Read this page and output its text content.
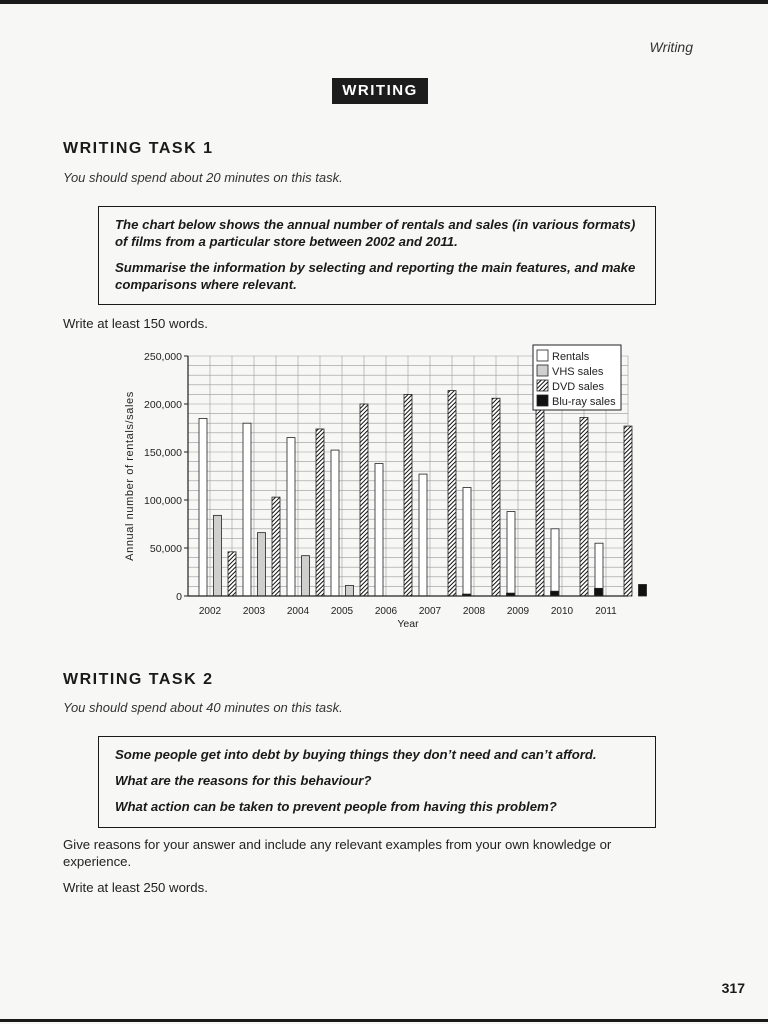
Writing
WRITING
WRITING TASK 1
You should spend about 20 minutes on this task.

The chart below shows the annual number of rentals and sales (in various formats) of films from a particular store between 2002 and 2011.

Summarise the information by selecting and reporting the main features, and make comparisons where relevant.

Write at least 150 words.
0
50,000
100,000
150,000
200,000
250,000
2002 2003 2004 2005 2006 2007 2008 2009 2010 2011
Year
Annual number of rentals/sales
Rentals
VHS sales
DVD sales
Blu-ray sales
WRITING TASK 2
You should spend about 40 minutes on this task.

Some people get into debt by buying things they don’t need and can’t afford.

What are the reasons for this behaviour?

What action can be taken to prevent people from having this problem?

Give reasons for your answer and include any relevant examples from your own knowledge or experience.
Write at least 250 words.
317
